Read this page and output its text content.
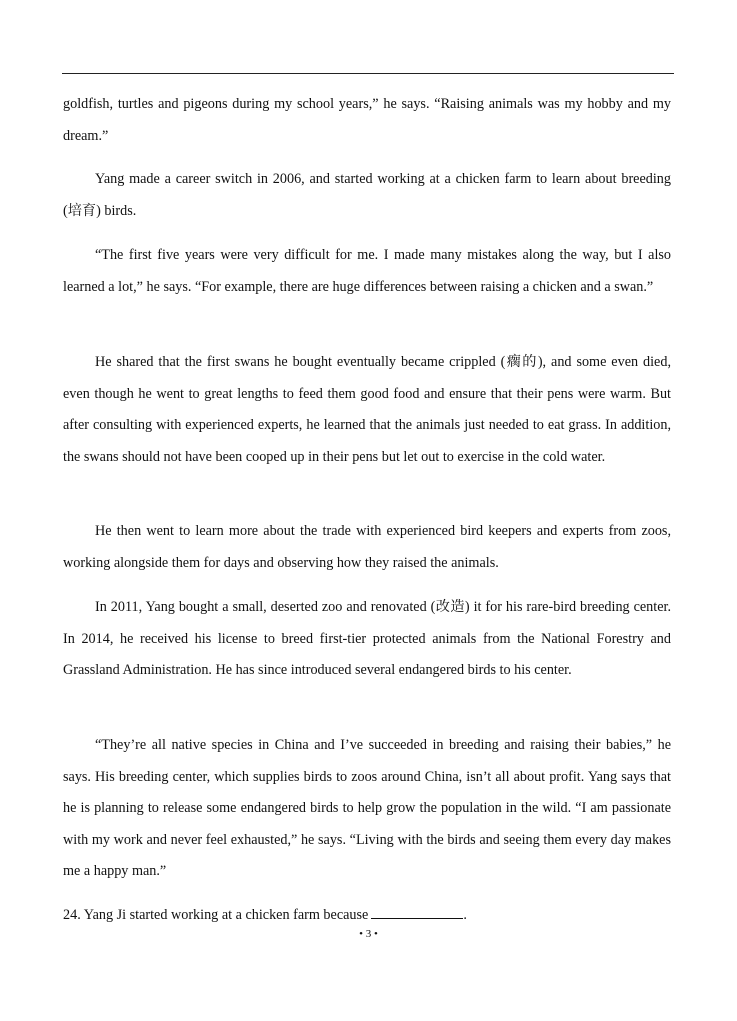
goldfish, turtles and pigeons during my school years,” he says. “Raising animals was my hobby and my dream.”

Yang made a career switch in 2006, and started working at a chicken farm to learn about breeding (培育) birds.

“The first five years were very difficult for me. I made many mistakes along the way, but I also learned a lot,” he says. “For example, there are huge differences between raising a chicken and a swan.”

He shared that the first swans he bought eventually became crippled (瘸的), and some even died, even though he went to great lengths to feed them good food and ensure that their pens were warm. But after consulting with experienced experts, he learned that the animals just needed to eat grass. In addition, the swans should not have been cooped up in their pens but let out to exercise in the cold water.

He then went to learn more about the trade with experienced bird keepers and experts from zoos, working alongside them for days and observing how they raised the animals.

In 2011, Yang bought a small, deserted zoo and renovated (改造) it for his rare-bird breeding center. In 2014, he received his license to breed first-tier protected animals from the National Forestry and Grassland Administration. He has since introduced several endangered birds to his center.

“They’re all native species in China and I’ve succeeded in breeding and raising their babies,” he says. His breeding center, which supplies birds to zoos around China, isn’t all about profit. Yang says that he is planning to release some endangered birds to help grow the population in the wild. “I am passionate with my work and never feel exhausted,” he says. “Living with the birds and seeing them every day makes me a happy man.”

24. Yang Ji started working at a chicken farm because	.

• 3 •
